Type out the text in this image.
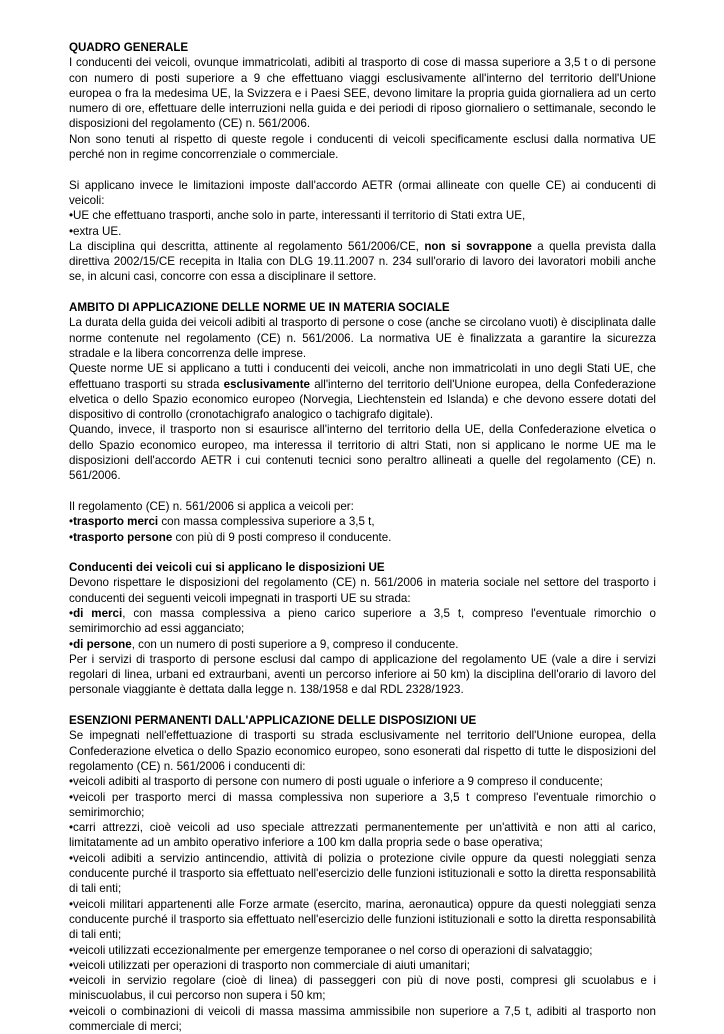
QUADRO GENERALE

I conducenti dei veicoli, ovunque immatricolati, adibiti al trasporto di cose di massa superiore a 3,5 t o di persone con numero di posti superiore a 9 che effettuano viaggi esclusivamente all'interno del territorio dell'Unione europea o fra la medesima UE, la Svizzera e i Paesi SEE, devono limitare la propria guida giornaliera ad un certo numero di ore, effettuare delle interruzioni nella guida e dei periodi di riposo giornaliero o settimanale, secondo le disposizioni del regolamento (CE) n. 561/2006.

Non sono tenuti al rispetto di queste regole i conducenti di veicoli specificamente esclusi dalla normativa UE perché non in regime concorrenziale o commerciale.

Si applicano invece le limitazioni imposte dall'accordo AETR (ormai allineate con quelle CE) ai conducenti di veicoli:

•UE che effettuano trasporti, anche solo in parte, interessanti il territorio di Stati extra UE,

•extra UE.

La disciplina qui descritta, attinente al regolamento 561/2006/CE, non si sovrappone a quella prevista dalla direttiva 2002/15/CE recepita in Italia con DLG 19.11.2007 n. 234 sull'orario di lavoro dei lavoratori mobili anche se, in alcuni casi, concorre con essa a disciplinare il settore.

AMBITO DI APPLICAZIONE DELLE NORME UE IN MATERIA SOCIALE

La durata della guida dei veicoli adibiti al trasporto di persone o cose (anche se circolano vuoti) è disciplinata dalle norme contenute nel regolamento (CE) n. 561/2006. La normativa UE è finalizzata a garantire la sicurezza stradale e la libera concorrenza delle imprese.

Queste norme UE si applicano a tutti i conducenti dei veicoli, anche non immatricolati in uno degli Stati UE, che effettuano trasporti su strada esclusivamente all'interno del territorio dell'Unione europea, della Confederazione elvetica o dello Spazio economico europeo (Norvegia, Liechtenstein ed Islanda) e che devono essere dotati del dispositivo di controllo (cronotachigrafo analogico o tachigrafo digitale).

Quando, invece, il trasporto non si esaurisce all'interno del territorio della UE, della Confederazione elvetica o dello Spazio economico europeo, ma interessa il territorio di altri Stati, non si applicano le norme UE ma le disposizioni dell'accordo AETR i cui contenuti tecnici sono peraltro allineati a quelle del regolamento (CE) n. 561/2006.

Il regolamento (CE) n. 561/2006 si applica a veicoli per:

•trasporto merci con massa complessiva superiore a 3,5 t,

•trasporto persone con più di 9 posti compreso il conducente.

Conducenti dei veicoli cui si applicano le disposizioni UE

Devono rispettare le disposizioni del regolamento (CE) n. 561/2006 in materia sociale nel settore del trasporto i conducenti dei seguenti veicoli impegnati in trasporti UE su strada:

•di merci, con massa complessiva a pieno carico superiore a 3,5 t, compreso l'eventuale rimorchio o semirimorchio ad essi agganciato;

•di persone, con un numero di posti superiore a 9, compreso il conducente.

Per i servizi di trasporto di persone esclusi dal campo di applicazione del regolamento UE (vale a dire i servizi regolari di linea, urbani ed extraurbani, aventi un percorso inferiore ai 50 km) la disciplina dell'orario di lavoro del personale viaggiante è dettata dalla legge n. 138/1958 e dal RDL 2328/1923.

ESENZIONI PERMANENTI DALL'APPLICAZIONE DELLE DISPOSIZIONI UE

Se impegnati nell'effettuazione di trasporti su strada esclusivamente nel territorio dell'Unione europea, della Confederazione elvetica o dello Spazio economico europeo, sono esonerati dal rispetto di tutte le disposizioni del regolamento (CE) n. 561/2006 i conducenti di:

•veicoli adibiti al trasporto di persone con numero di posti uguale o inferiore a 9 compreso il conducente;

•veicoli per trasporto merci di massa complessiva non superiore a 3,5 t compreso l'eventuale rimorchio o semirimorchio;

•carri attrezzi, cioè veicoli ad uso speciale attrezzati permanentemente per un'attività e non atti al carico, limitatamente ad un ambito operativo inferiore a 100 km dalla propria sede o base operativa;

•veicoli adibiti a servizio antincendio, attività di polizia o protezione civile oppure da questi noleggiati senza conducente purché il trasporto sia effettuato nell'esercizio delle funzioni istituzionali e sotto la diretta responsabilità di tali enti;

•veicoli militari appartenenti alle Forze armate (esercito, marina, aeronautica) oppure da questi noleggiati senza conducente purché il trasporto sia effettuato nell'esercizio delle funzioni istituzionali e sotto la diretta responsabilità di tali enti;

•veicoli utilizzati eccezionalmente per emergenze temporanee o nel corso di operazioni di salvataggio;

•veicoli utilizzati per operazioni di trasporto non commerciale di aiuti umanitari;

•veicoli in servizio regolare (cioè di linea) di passeggeri con più di nove posti, compresi gli scuolabus e i miniscuolabus, il cui percorso non supera i 50 km;

•veicoli o combinazioni di veicoli di massa massima ammissibile non superiore a 7,5 t, adibiti al trasporto non commerciale di merci;
